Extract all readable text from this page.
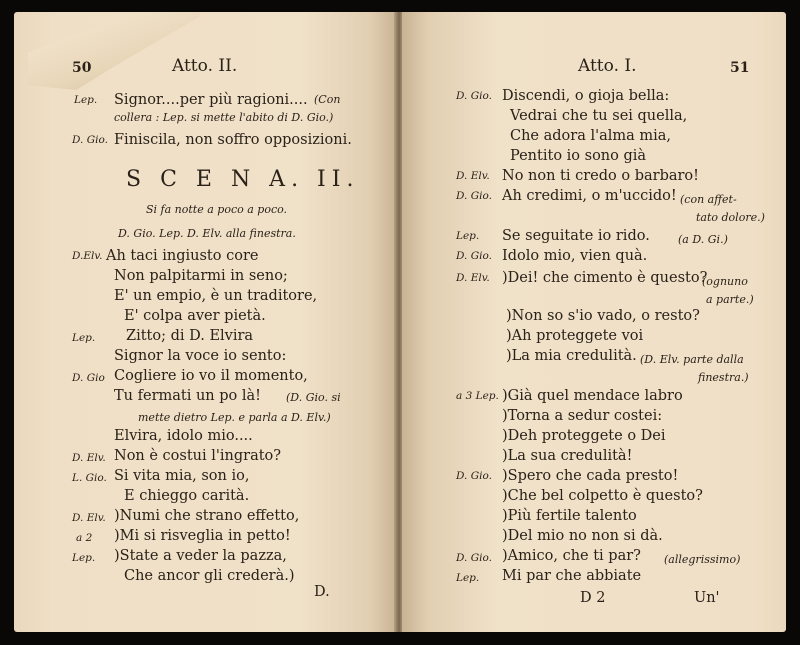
50	Atto. II.
Lep. Signor....per più ragioni.... (Con
collera : Lep. si mette l'abito di D. Gio.)
D. Gio. Finiscila, non soffro opposizioni.
S C E N A. II.
Si fa notte a poco a poco.
D. Gio. Lep. D. Elv. alla finestra.
D.Elv. Ah taci ingiusto core
Non palpitarmi in seno;
E' un empio, è un traditore,
E' colpa aver pietà.
Lep. Zitto; di D. Elvira
Signor la voce io sento:
D. Gio Cogliere io vo il momento,
Tu fermati un po là! (D. Gio. si
mette dietro Lep. e parla a D. Elv.)
Elvira, idolo mio....
D. Elv. Non è costui l'ingrato?
L. Gio. Si vita mia, son io,
E chieggo carità.
D. Elv. )Numi che strano effetto,
a 2 )Mi si risveglia in petto!
Lep. )State a veder la pazza,
Che ancor gli crederà.)
D.
Atto. I.	51
D. Gio. Discendi, o gioja bella:
Vedrai che tu sei quella,
Che adora l'alma mia,
Pentito io sono già
D. Elv. No non ti credo o barbaro!
D. Gio. Ah credimi, o m'uccido! (con affet-
tato dolore.)
Lep. Se seguitate io rido.	(a D. Gi.)
D. Gio. Idolo mio, vien quà.
D. Elv. )Dei! che cimento è questo?
(ognuno
a parte.)
)Non so s'io vado, o resto?
)Ah proteggete voi
)La mia credulità. (D. Elv. parte dalla
finestra.)
a 3 Lep. )Già quel mendace labro
)Torna a sedur costei:
)Deh proteggete o Dei
)La sua credulità!
D. Gio. )Spero che cada presto!
)Che bel colpetto è questo?
)Più fertile talento
)Del mio no non si dà.
D. Gio. )Amico, che ti par? (allegrissimo)
Lep. Mi par che abbiate
D 2	Un'
